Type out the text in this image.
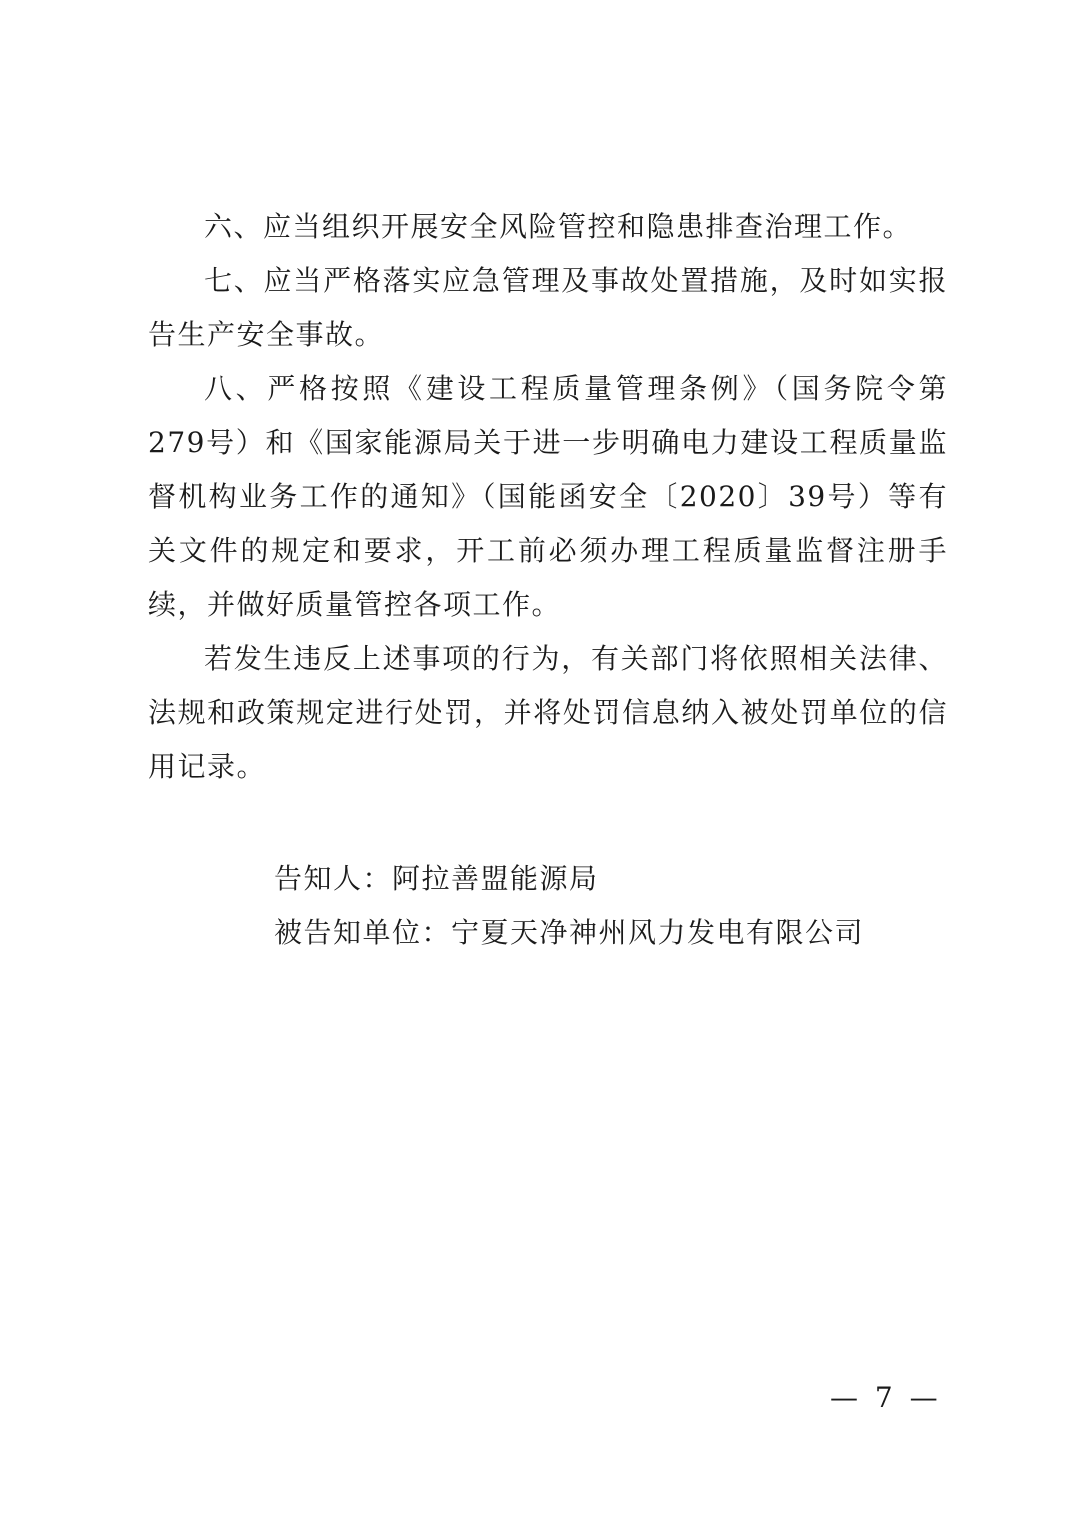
六、应当组织开展安全风险管控和隐患排查治理工作。

七、应当严格落实应急管理及事故处置措施，及时如实报告生产安全事故。

八、严格按照《建设工程质量管理条例》（国务院令第279号）和《国家能源局关于进一步明确电力建设工程质量监督机构业务工作的通知》（国能函安全〔2020〕39号）等有关文件的规定和要求，开工前必须办理工程质量监督注册手续，并做好质量管控各项工作。

若发生违反上述事项的行为，有关部门将依照相关法律、法规和政策规定进行处罚，并将处罚信息纳入被处罚单位的信用记录。

告知人：阿拉善盟能源局
被告知单位：宁夏天净神州风力发电有限公司
— 7 —
